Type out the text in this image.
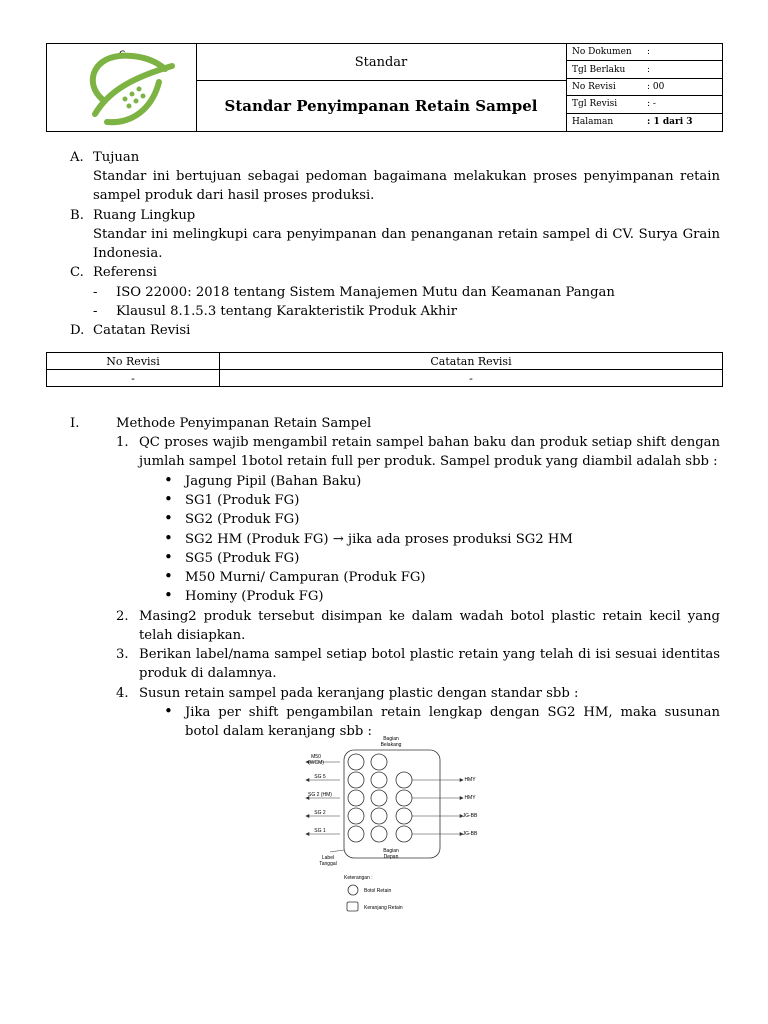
C	Standar
Standar Penyimpanan Retain Sampel
No Dokumen	:
Tgl Berlaku	:
No Revisi	: 00
Tgl Revisi	: -
Halaman	: 1 dari 3
A. Tujuan
Standar ini bertujuan sebagai pedoman bagaimana melakukan proses penyimpanan retain sampel produk dari hasil proses produksi.
B. Ruang Lingkup
Standar ini melingkupi cara penyimpanan dan penanganan retain sampel di CV. Surya Grain Indonesia.
C. Referensi
- ISO 22000: 2018 tentang Sistem Manajemen Mutu dan Keamanan Pangan
- Klausul 8.1.5.3 tentang Karakteristik Produk Akhir
D. Catatan Revisi
No Revisi	Catatan Revisi
-	-
I.	Methode Penyimpanan Retain Sampel
1. QC proses wajib mengambil retain sampel bahan baku dan produk setiap shift dengan jumlah sampel 1botol retain full per produk. Sampel produk yang diambil adalah sbb :
• Jagung Pipil (Bahan Baku)
• SG1 (Produk FG)
• SG2 (Produk FG)
• SG2 HM (Produk FG) → jika ada proses produksi SG2 HM
• SG5 (Produk FG)
• M50 Murni/ Campuran (Produk FG)
• Hominy (Produk FG)
2. Masing2 produk tersebut disimpan ke dalam wadah botol plastic retain kecil yang telah disiapkan.
3. Berikan label/nama sampel setiap botol plastic retain yang telah di isi sesuai identitas produk di dalamnya.
4. Susun retain sampel pada keranjang plastic dengan standar sbb :
• Jika per shift pengambilan retain lengkap dengan SG2 HM, maka susunan botol dalam keranjang sbb :	Bagian
Belakang
M50
(WCM)
SG 5
SG 2 (HM)
SG 2
SG 1
HMY
HMY
JG-BB
JG-BB
Bagian
Depan
Label
Tanggal
Keterangan :
Botol Retain
Keranjang Retain
